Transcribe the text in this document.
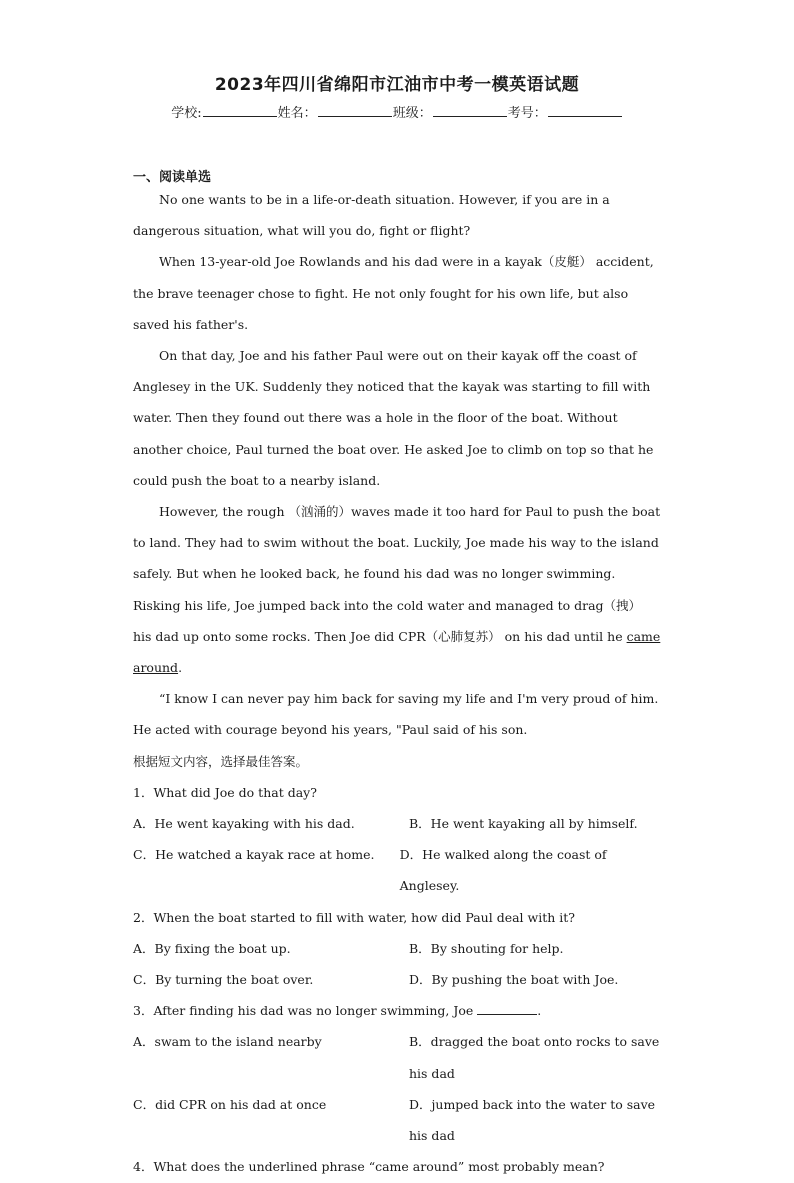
2023年四川省绵阳市江油市中考一模英语试题
学校:	姓名：	班级：	考号：
一、阅读单选

No one wants to be in a life-or-death situation. However, if you are in a dangerous situation, what will you do, fight or flight?

When 13-year-old Joe Rowlands and his dad were in a kayak（皮艇） accident, the brave teenager chose to fight. He not only fought for his own life, but also saved his father's.

On that day, Joe and his father Paul were out on their kayak off the coast of Anglesey in the UK. Suddenly they noticed that the kayak was starting to fill with water. Then they found out there was a hole in the floor of the boat. Without another choice, Paul turned the boat over. He asked Joe to climb on top so that he could push the boat to a nearby island.

However, the rough （汹涌的）waves made it too hard for Paul to push the boat to land. They had to swim without the boat. Luckily, Joe made his way to the island safely. But when he looked back, he found his dad was no longer swimming. Risking his life, Joe jumped back into the cold water and managed to drag（拽） his dad up onto some rocks. Then Joe did CPR（心肺复苏） on his dad until he came around.

“I know I can never pay him back for saving my life and I'm very proud of him. He acted with courage beyond his years, "Paul said of his son.

根据短文内容，选择最佳答案。

1．What did Joe do that day?

A．He went kayaking with his dad.	B．He went kayaking all by himself.
C．He watched a kayak race at home.	D．He walked along the coast of Anglesey.

2．When the boat started to fill with water, how did Paul deal with it?

A．By fixing the boat up.	B．By shouting for help.
C．By turning the boat over.	D．By pushing the boat with Joe.

3．After finding his dad was no longer swimming, Joe	.

A．swam to the island nearby	B．dragged the boat onto rocks to save his dad
C．did CPR on his dad at once	D．jumped back into the water to save his dad

4．What does the underlined phrase “came around” most probably mean?
